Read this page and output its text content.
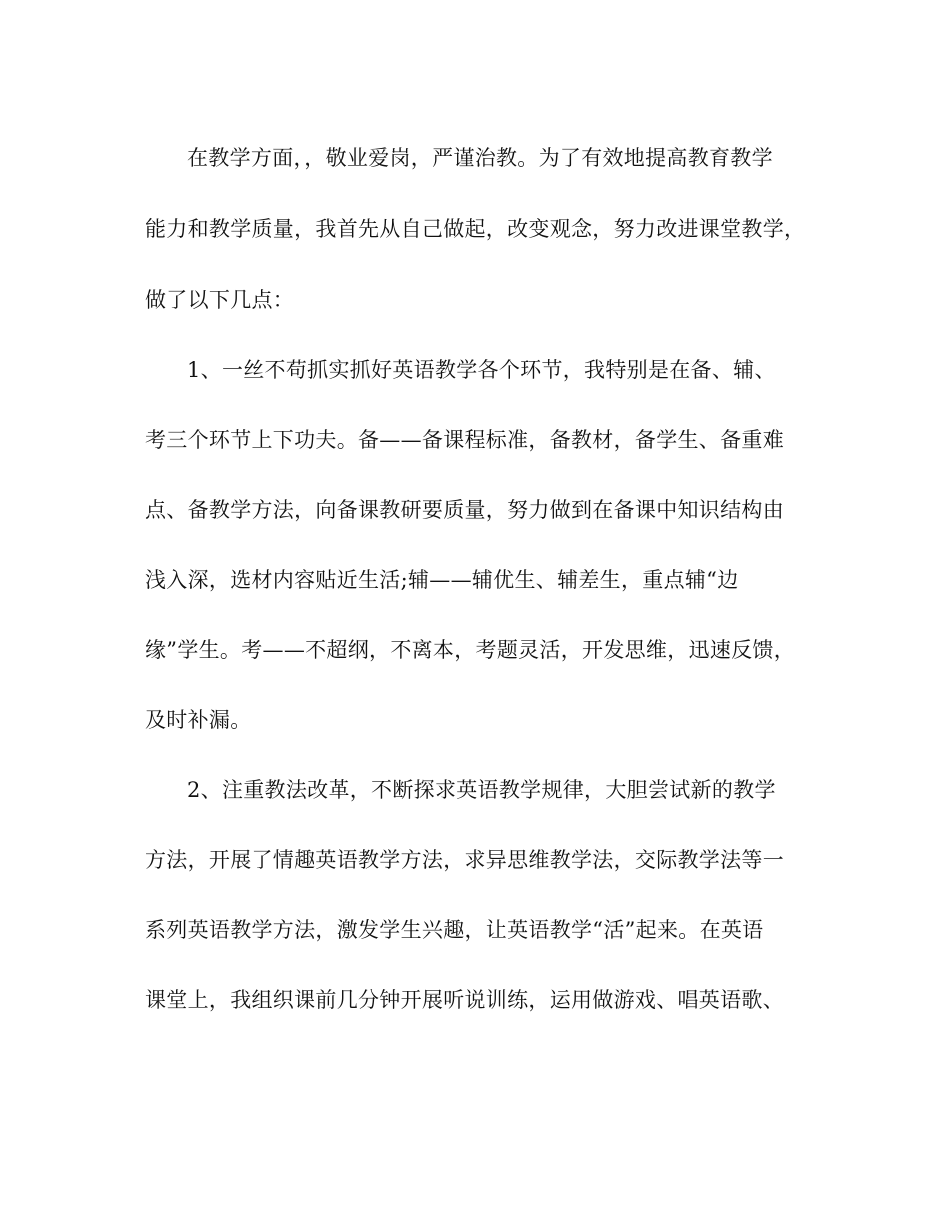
在教学方面，，敬业爱岗，严谨治教。为了有效地提高教育教学
能力和教学质量，我首先从自己做起，改变观念，努力改进课堂教学，
做了以下几点：
1、一丝不苟抓实抓好英语教学各个环节，我特别是在备、辅、
考三个环节上下功夫。备——备课程标准，备教材，备学生、备重难
点、备教学方法，向备课教研要质量，努力做到在备课中知识结构由
浅入深，选材内容贴近生活;辅——辅优生、辅差生，重点辅“边
缘”学生。考——不超纲，不离本，考题灵活，开发思维，迅速反馈，
及时补漏。
2、注重教法改革，不断探求英语教学规律，大胆尝试新的教学
方法，开展了情趣英语教学方法，求异思维教学法，交际教学法等一
系列英语教学方法，激发学生兴趣，让英语教学“活”起来。在英语
课堂上，我组织课前几分钟开展听说训练，运用做游戏、唱英语歌、
